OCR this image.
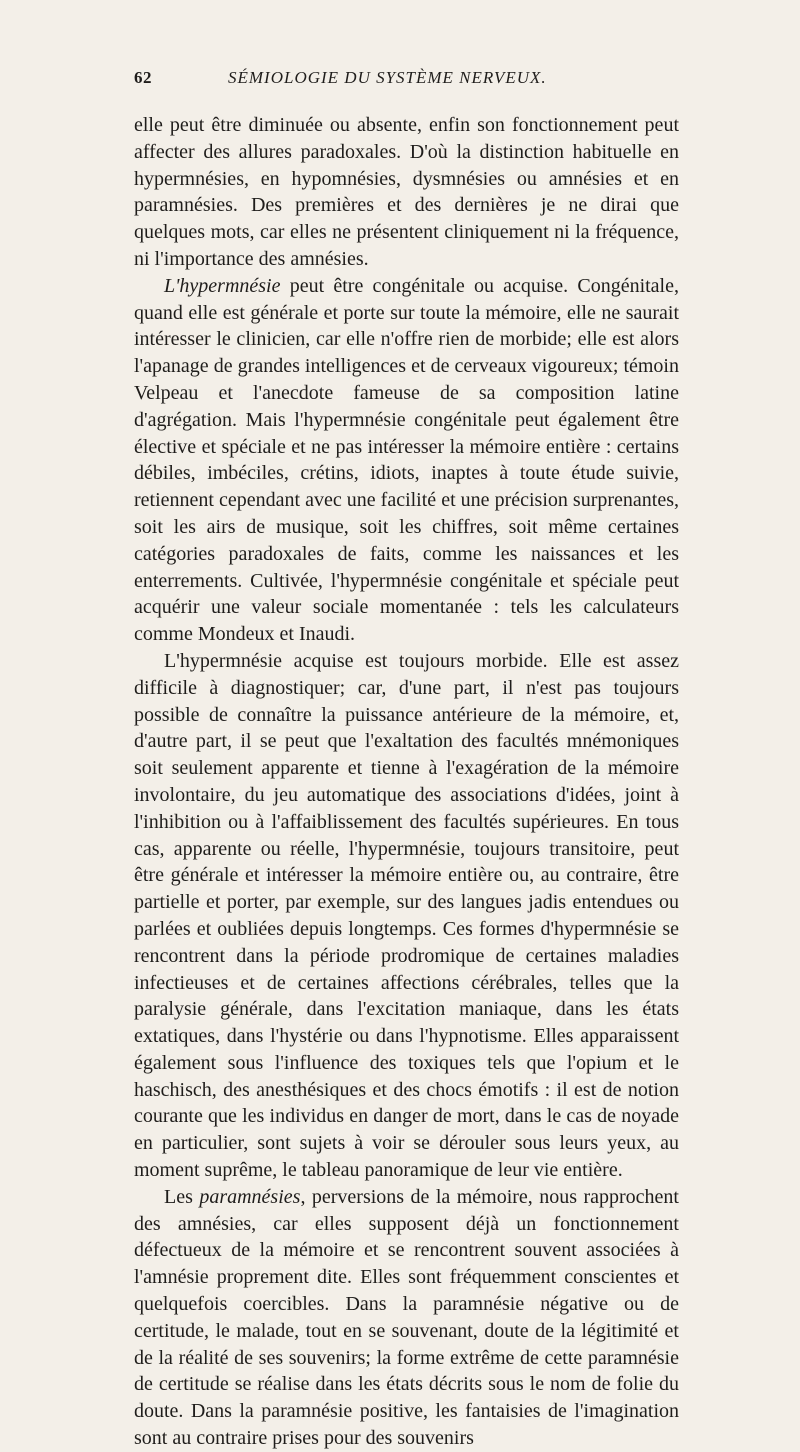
62	SÉMIOLOGIE DU SYSTÈME NERVEUX.

elle peut être diminuée ou absente, enfin son fonctionnement peut affecter des allures paradoxales. D'où la distinction habituelle en hypermnésies, en hypomnésies, dysmnésies ou amnésies et en paramnésies. Des premières et des dernières je ne dirai que quelques mots, car elles ne présentent cliniquement ni la fréquence, ni l'importance des amnésies.

L'hypermnésie peut être congénitale ou acquise. Congénitale, quand elle est générale et porte sur toute la mémoire, elle ne saurait intéresser le clinicien, car elle n'offre rien de morbide; elle est alors l'apanage de grandes intelligences et de cerveaux vigoureux; témoin Velpeau et l'anecdote fameuse de sa composition latine d'agrégation. Mais l'hypermnésie congénitale peut également être élective et spéciale et ne pas intéresser la mémoire entière : certains débiles, imbéciles, crétins, idiots, inaptes à toute étude suivie, retiennent cependant avec une facilité et une précision surprenantes, soit les airs de musique, soit les chiffres, soit même certaines catégories paradoxales de faits, comme les naissances et les enterrements. Cultivée, l'hypermnésie congénitale et spéciale peut acquérir une valeur sociale momentanée : tels les calculateurs comme Mondeux et Inaudi.

L'hypermnésie acquise est toujours morbide. Elle est assez difficile à diagnostiquer; car, d'une part, il n'est pas toujours possible de connaître la puissance antérieure de la mémoire, et, d'autre part, il se peut que l'exaltation des facultés mnémoniques soit seulement apparente et tienne à l'exagération de la mémoire involontaire, du jeu automatique des associations d'idées, joint à l'inhibition ou à l'affaiblissement des facultés supérieures. En tous cas, apparente ou réelle, l'hypermnésie, toujours transitoire, peut être générale et intéresser la mémoire entière ou, au contraire, être partielle et porter, par exemple, sur des langues jadis entendues ou parlées et oubliées depuis longtemps. Ces formes d'hypermnésie se rencontrent dans la période prodromique de certaines maladies infectieuses et de certaines affections cérébrales, telles que la paralysie générale, dans l'excitation maniaque, dans les états extatiques, dans l'hystérie ou dans l'hypnotisme. Elles apparaissent également sous l'influence des toxiques tels que l'opium et le haschisch, des anesthésiques et des chocs émotifs : il est de notion courante que les individus en danger de mort, dans le cas de noyade en particulier, sont sujets à voir se dérouler sous leurs yeux, au moment suprême, le tableau panoramique de leur vie entière.

Les paramnésies, perversions de la mémoire, nous rapprochent des amnésies, car elles supposent déjà un fonctionnement défectueux de la mémoire et se rencontrent souvent associées à l'amnésie proprement dite. Elles sont fréquemment conscientes et quelquefois coercibles. Dans la paramnésie négative ou de certitude, le malade, tout en se souvenant, doute de la légitimité et de la réalité de ses souvenirs; la forme extrême de cette paramnésie de certitude se réalise dans les états décrits sous le nom de folie du doute. Dans la paramnésie positive, les fantaisies de l'imagination sont au contraire prises pour des souvenirs
